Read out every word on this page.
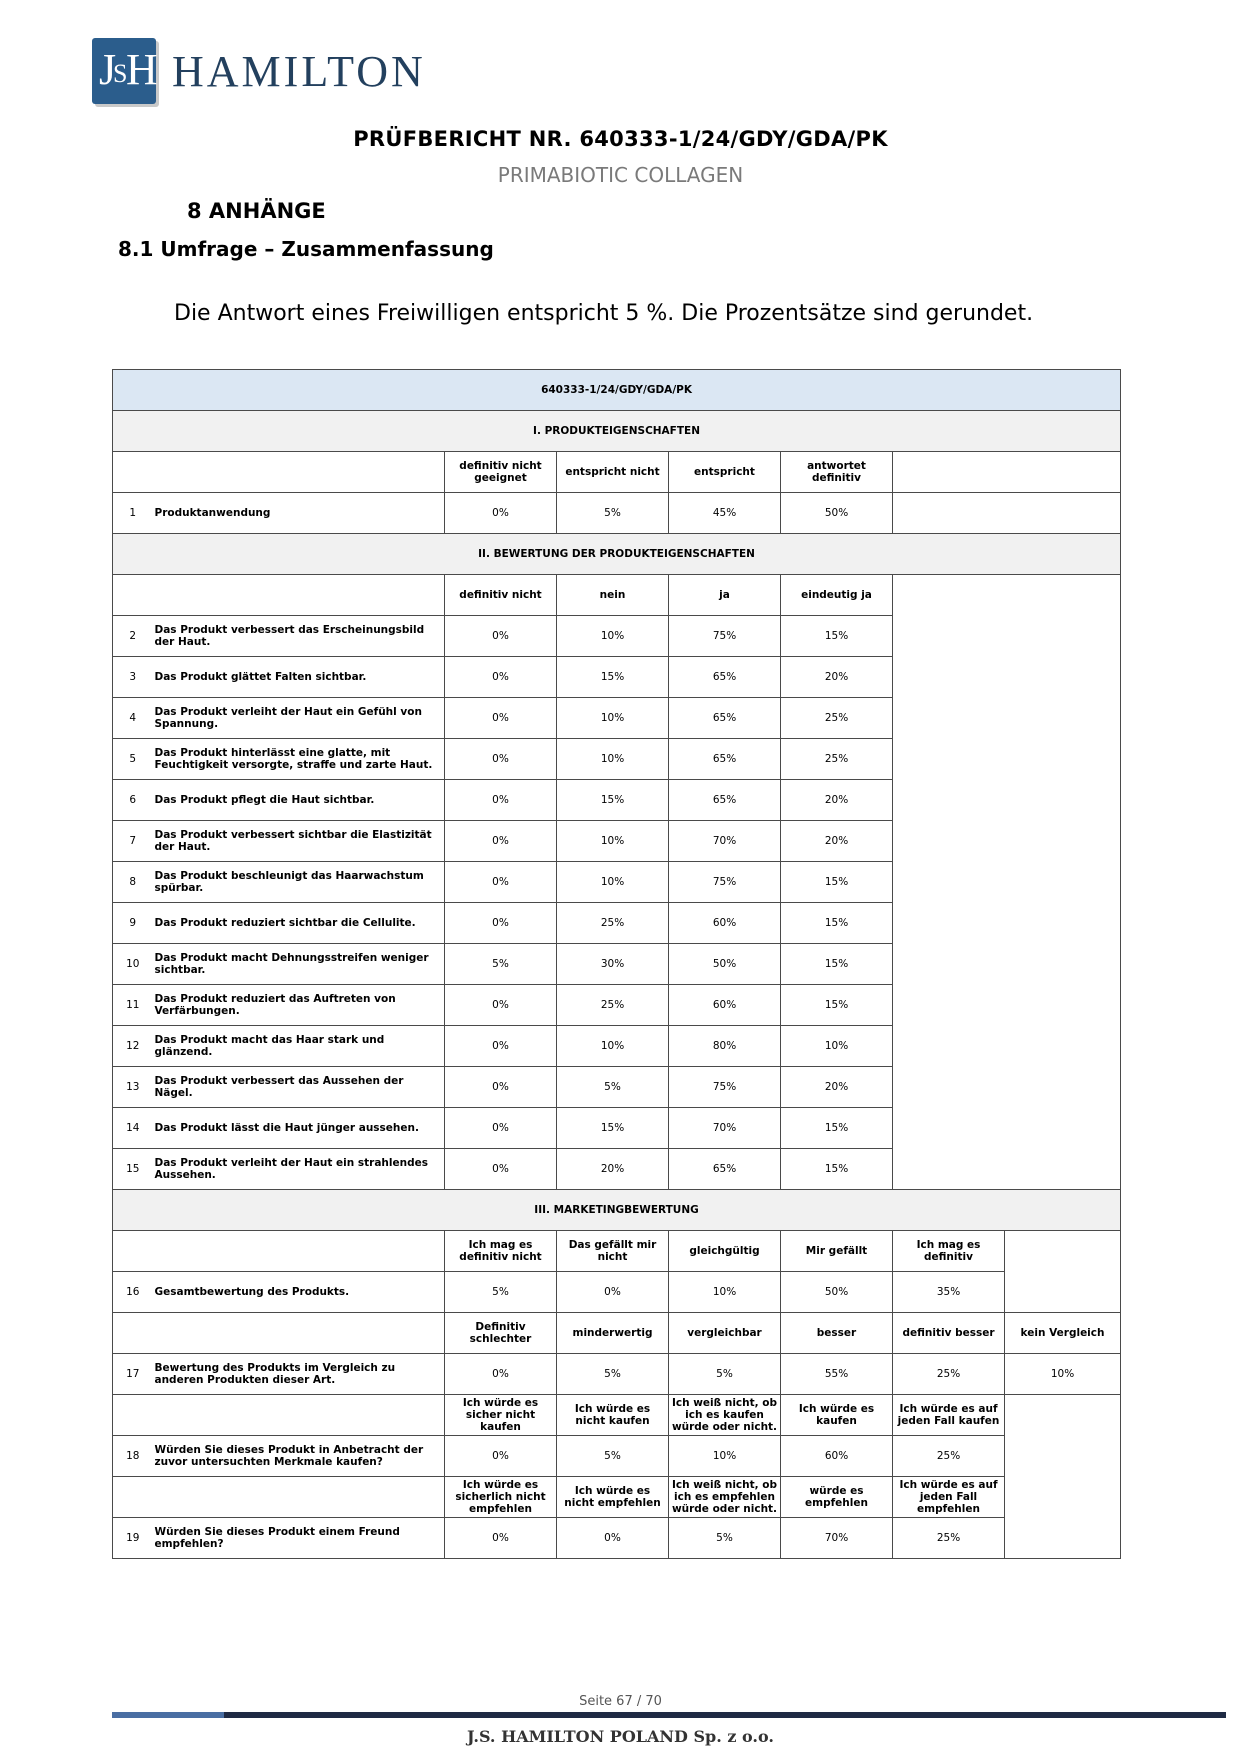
J
S
H HAMILTON
PRÜFBERICHT NR. 640333-1/24/GDY/GDA/PK
PRIMABIOTIC COLLAGEN
8 ANHÄNGE
8.1 Umfrage – Zusammenfassung
Die Antwort eines Freiwilligen entspricht 5 %. Die Prozentsätze sind gerundet.
640333-1/24/GDY/GDA/PK							
I. PRODUKTEIGENSCHAFTEN							
		definitiv nicht geeignet	entspricht nicht	entspricht	antwortet definitiv		
1	Produktanwendung	0%	5%	45%	50%		
II. BEWERTUNG DER PRODUKTEIGENSCHAFTEN							
		definitiv nicht	nein	ja	eindeutig ja		
2	Das Produkt verbessert das Erscheinungsbild der Haut.	0%	10%	75%	15%		
3	Das Produkt glättet Falten sichtbar.	0%	15%	65%	20%		
4	Das Produkt verleiht der Haut ein Gefühl von Spannung.	0%	10%	65%	25%		
5	Das Produkt hinterlässt eine glatte, mit Feuchtigkeit versorgte, straffe und zarte Haut.	0%	10%	65%	25%		
6	Das Produkt pflegt die Haut sichtbar.	0%	15%	65%	20%		
7	Das Produkt verbessert sichtbar die Elastizität der Haut.	0%	10%	70%	20%		
8	Das Produkt beschleunigt das Haarwachstum spürbar.	0%	10%	75%	15%		
9	Das Produkt reduziert sichtbar die Cellulite.	0%	25%	60%	15%		
10	Das Produkt macht Dehnungsstreifen weniger sichtbar.	5%	30%	50%	15%		
11	Das Produkt reduziert das Auftreten von Verfärbungen.	0%	25%	60%	15%		
12	Das Produkt macht das Haar stark und glänzend.	0%	10%	80%	10%		
13	Das Produkt verbessert das Aussehen der Nägel.	0%	5%	75%	20%		
14	Das Produkt lässt die Haut jünger aussehen.	0%	15%	70%	15%		
15	Das Produkt verleiht der Haut ein strahlendes Aussehen.	0%	20%	65%	15%		
III. MARKETINGBEWERTUNG							
		Ich mag es definitiv nicht	Das gefällt mir nicht	gleichgültig	Mir gefällt	Ich mag es definitiv	
16	Gesamtbewertung des Produkts.	5%	0%	10%	50%	35%	
		Definitiv schlechter	minderwertig	vergleichbar	besser	definitiv besser	kein Vergleich
17	Bewertung des Produkts im Vergleich zu anderen Produkten dieser Art.	0%	5%	5%	55%	25%	10%
		Ich würde es sicher nicht kaufen	Ich würde es nicht kaufen	Ich weiß nicht, ob ich es kaufen würde oder nicht.	Ich würde es kaufen	Ich würde es auf jeden Fall kaufen	
18	Würden Sie dieses Produkt in Anbetracht der zuvor untersuchten Merkmale kaufen?	0%	5%	10%	60%	25%	
		Ich würde es sicherlich nicht empfehlen	Ich würde es nicht empfehlen	Ich weiß nicht, ob ich es empfehlen würde oder nicht.	würde es empfehlen	Ich würde es auf jeden Fall empfehlen	
19	Würden Sie dieses Produkt einem Freund empfehlen?	0%	0%	5%	70%	25%	
Seite 67 / 70
J.S. HAMILTON POLAND Sp. z o.o.
